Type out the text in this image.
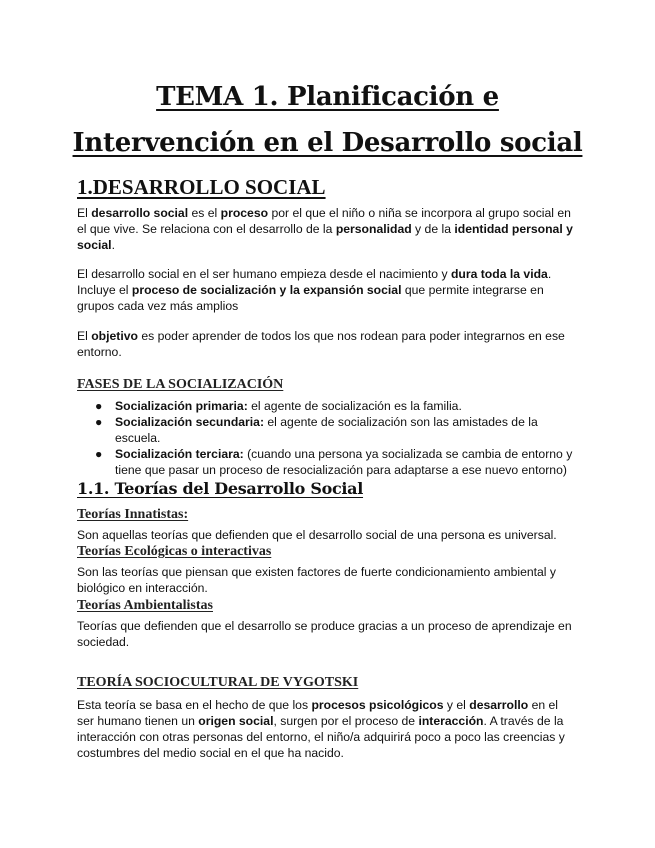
TEMA 1. Planificación e
Intervención en el Desarrollo social
1.DESARROLLO SOCIAL

El desarrollo social es el proceso por el que el niño o niña se incorpora al grupo social en el que vive. Se relaciona con el desarrollo de la personalidad y de la identidad personal y social.

El desarrollo social en el ser humano empieza desde el nacimiento y dura toda la vida. Incluye el proceso de socialización y la expansión social que permite integrarse en grupos cada vez más amplios

El objetivo es poder aprender de todos los que nos rodean para poder integrarnos en ese entorno.

FASES DE LA SOCIALIZACIÓN
● Socialización primaria: el agente de socialización es la familia.
● Socialización secundaria: el agente de socialización son las amistades de la escuela.
● Socialización terciara: (cuando una persona ya socializada se cambia de entorno y tiene que pasar un proceso de resocialización para adaptarse a ese nuevo entorno)
1.1. Teorías del Desarrollo Social
Teorías Innatistas:

Son aquellas teorías que defienden que el desarrollo social de una persona es universal.

Teorías Ecológicas o interactivas

Son las teorías que piensan que existen factores de fuerte condicionamiento ambiental y biológico en interacción.

Teorías Ambientalistas

Teorías que defienden que el desarrollo se produce gracias a un proceso de aprendizaje en sociedad.

TEORÍA SOCIOCULTURAL DE VYGOTSKI

Esta teoría se basa en el hecho de que los procesos psicológicos y el desarrollo en el ser humano tienen un origen social, surgen por el proceso de interacción. A través de la interacción con otras personas del entorno, el niño/a adquirirá poco a poco las creencias y costumbres del medio social en el que ha nacido.
